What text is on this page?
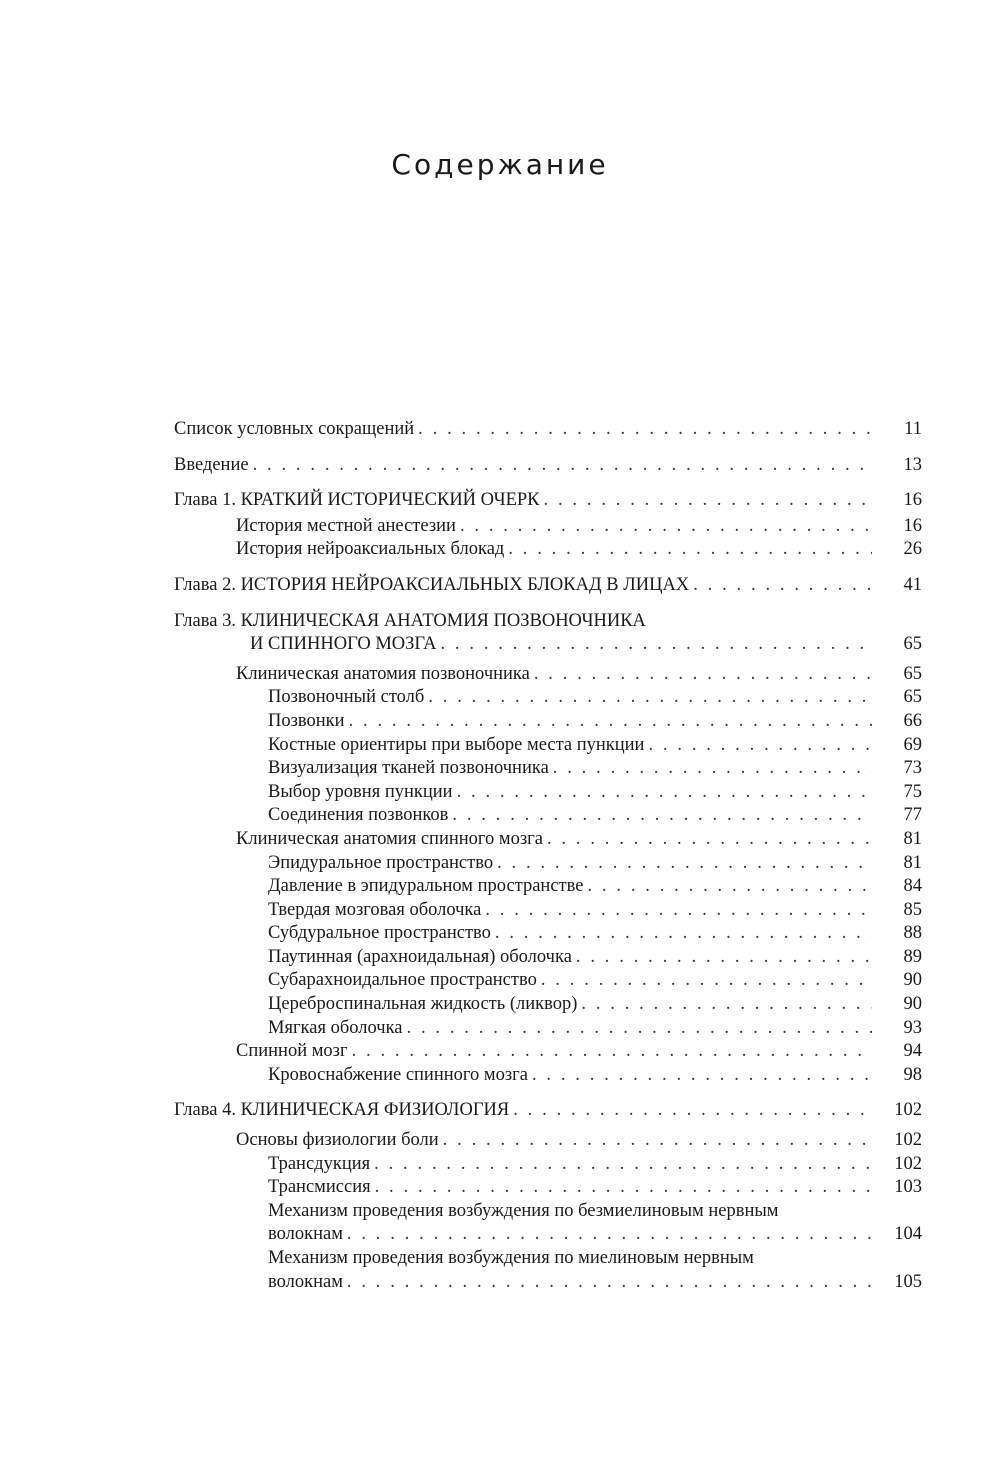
Содержание
Список условных сокращений . . .	11
Введение . . .	13
Глава 1. КРАТКИЙ ИСТОРИЧЕСКИЙ ОЧЕРК . . .	16
История местной анестезии . . .	16
История нейроаксиальных блокад . . .	26
Глава 2. ИСТОРИЯ НЕЙРОАКСИАЛЬНЫХ БЛОКАД В ЛИЦАХ . . .	41
Глава 3. КЛИНИЧЕСКАЯ АНАТОМИЯ ПОЗВОНОЧНИКА
И СПИННОГО МОЗГА . . .	65
Клиническая анатомия позвоночника . . .	65
Позвоночный столб . . .	65
Позвонки . . .	66
Костные ориентиры при выборе места пункции . . .	69
Визуализация тканей позвоночника . . .	73
Выбор уровня пункции . . .	75
Соединения позвонков . . .	77
Клиническая анатомия спинного мозга . . .	81
Эпидуральное пространство . . .	81
Давление в эпидуральном пространстве . . .	84
Твердая мозговая оболочка . . .	85
Субдуральное пространство . . .	88
Паутинная (арахноидальная) оболочка . . .	89
Субарахноидальное пространство . . .	90
Цереброспинальная жидкость (ликвор) . . .	90
Мягкая оболочка . . .	93
Спинной мозг . . .	94
Кровоснабжение спинного мозга . . .	98
Глава 4. КЛИНИЧЕСКАЯ ФИЗИОЛОГИЯ . . .	102
Основы физиологии боли . . .	102
Трансдукция . . .	102
Трансмиссия . . .	103
Механизм проведения возбуждения по безмиелиновым нервным
волокнам . . .	104
Механизм проведения возбуждения по миелиновым нервным
волокнам . . .	105
